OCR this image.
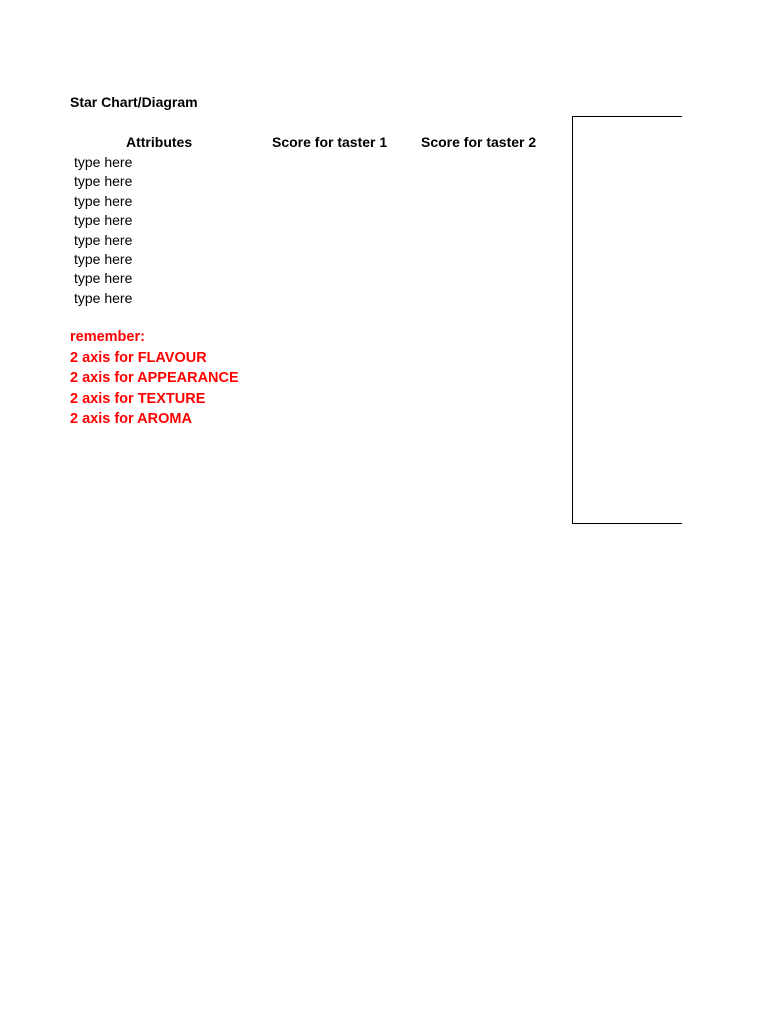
Star Chart/Diagram
Attributes	Score for taster 1 Score for taster 2
type here
type here
type here
type here
type here
type here
type here
type here
remember:
2 axis for FLAVOUR
2 axis for APPEARANCE
2 axis for TEXTURE
2 axis for AROMA
